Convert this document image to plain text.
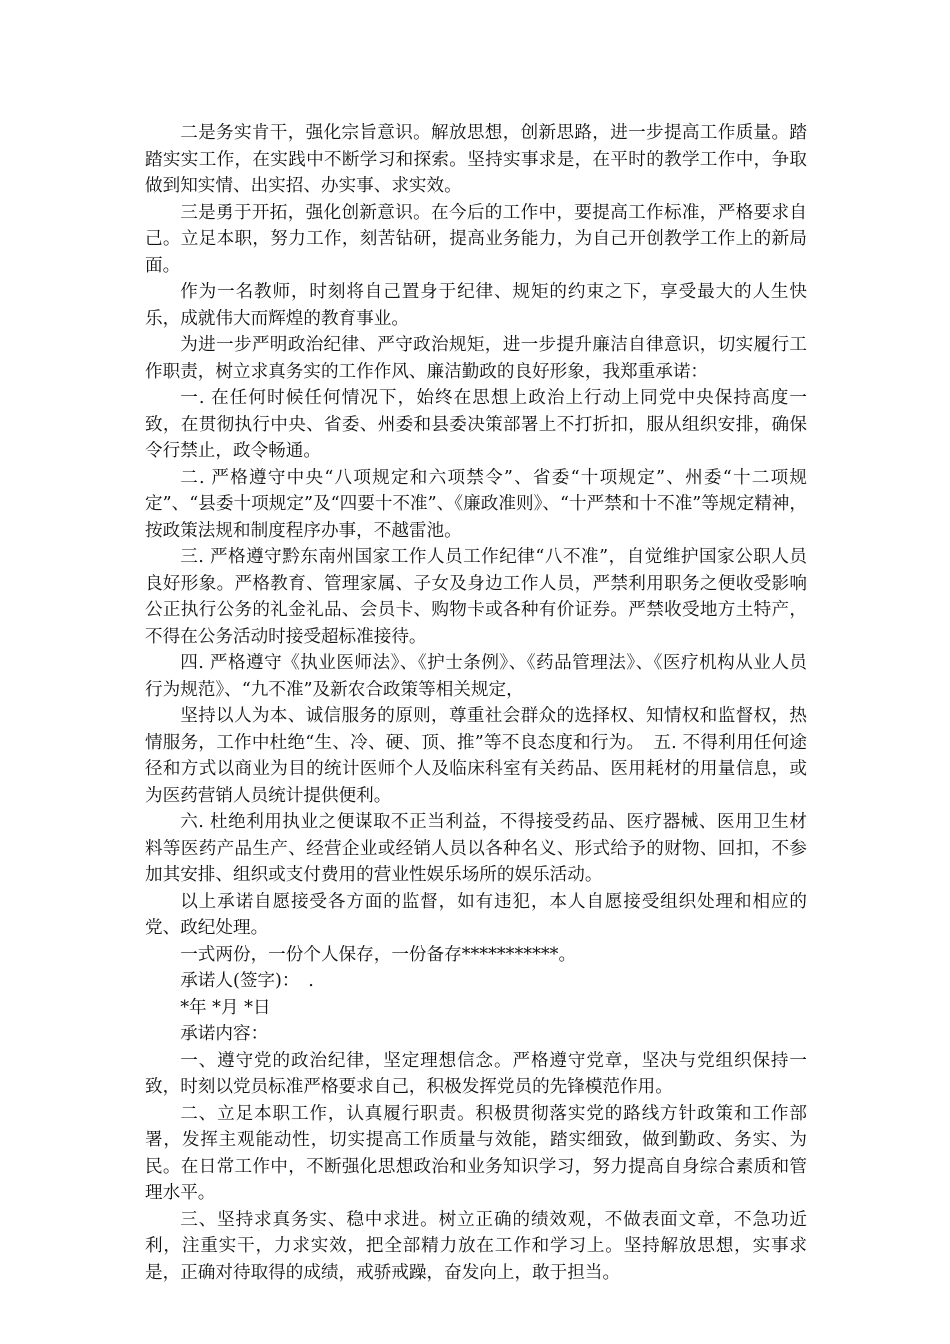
二是务实肯干，强化宗旨意识。解放思想，创新思路，进一步提高工作质量。踏踏实实工作，在实践中不断学习和探索。坚持实事求是，在平时的教学工作中，争取做到知实情、出实招、办实事、求实效。

三是勇于开拓，强化创新意识。在今后的工作中，要提高工作标准，严格要求自己。立足本职，努力工作，刻苦钻研，提高业务能力，为自己开创教学工作上的新局面。

作为一名教师，时刻将自己置身于纪律、规矩的约束之下，享受最大的人生快乐，成就伟大而辉煌的教育事业。

为进一步严明政治纪律、严守政治规矩，进一步提升廉洁自律意识，切实履行工作职责，树立求真务实的工作作风、廉洁勤政的良好形象，我郑重承诺：

一. 在任何时候任何情况下，始终在思想上政治上行动上同党中央保持高度一致，在贯彻执行中央、省委、州委和县委决策部署上不打折扣，服从组织安排，确保令行禁止，政令畅通。

二. 严格遵守中央“八项规定和六项禁令”、省委“十项规定”、州委“十二项规定”、“县委十项规定”及“四要十不准”、《廉政准则》、“十严禁和十不准”等规定精神，按政策法规和制度程序办事，不越雷池。

三. 严格遵守黔东南州国家工作人员工作纪律“八不准”，自觉维护国家公职人员良好形象。严格教育、管理家属、子女及身边工作人员，严禁利用职务之便收受影响公正执行公务的礼金礼品、会员卡、购物卡或各种有价证券。严禁收受地方土特产，不得在公务活动时接受超标准接待。

四. 严格遵守《执业医师法》、《护士条例》、《药品管理法》、《医疗机构从业人员行为规范》、“九不准”及新农合政策等相关规定，

坚持以人为本、诚信服务的原则，尊重社会群众的选择权、知情权和监督权，热情服务，工作中杜绝“生、冷、硬、顶、推”等不良态度和行为。　五. 不得利用任何途径和方式以商业为目的统计医师个人及临床科室有关药品、医用耗材的用量信息，或为医药营销人员统计提供便利。

六. 杜绝利用执业之便谋取不正当利益，不得接受药品、医疗器械、医用卫生材料等医药产品生产、经营企业或经销人员以各种名义、形式给予的财物、回扣，不参加其安排、组织或支付费用的营业性娱乐场所的娱乐活动。

以上承诺自愿接受各方面的监督，如有违犯，本人自愿接受组织处理和相应的党、政纪处理。

一式两份，一份个人保存，一份备存***********。

承诺人(签字)：　.

*年 *月 *日

承诺内容：

一、遵守党的政治纪律，坚定理想信念。严格遵守党章，坚决与党组织保持一致，时刻以党员标准严格要求自己，积极发挥党员的先锋模范作用。

二、立足本职工作，认真履行职责。积极贯彻落实党的路线方针政策和工作部署，发挥主观能动性，切实提高工作质量与效能，踏实细致，做到勤政、务实、为民。在日常工作中，不断强化思想政治和业务知识学习，努力提高自身综合素质和管理水平。

三、坚持求真务实、稳中求进。树立正确的绩效观，不做表面文章，不急功近利，注重实干，力求实效，把全部精力放在工作和学习上。坚持解放思想，实事求是，正确对待取得的成绩，戒骄戒躁，奋发向上，敢于担当。
